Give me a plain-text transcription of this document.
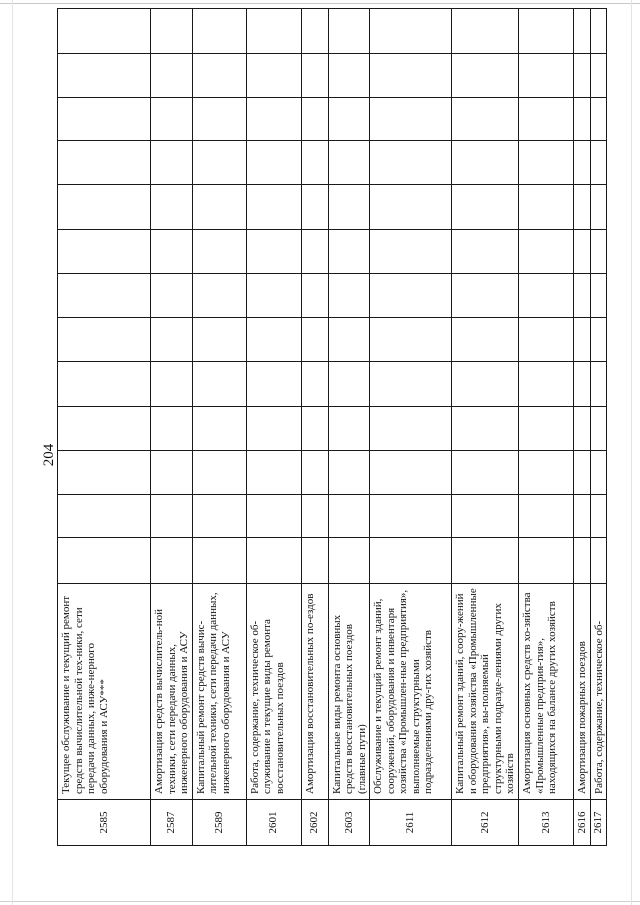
204
2585	Текущее обслуживание и текущий ремонт средств вычислительной тех-ники, сети передачи данных, инже-нерного оборудования и АСУ***													
2587	Амортизация средств вычислитель-ной техники, сети передачи данных, инженерного оборудования и АСУ													
2589	Капитальный ремонт средств вычис-лительной техники, сети передачи данных, инженерного оборудования и АСУ													
2601	Работа, содержание, техническое об-служивание и текущие виды ремонта восстановительных поездов													
2602	Амортизация восстановительных по-ездов													
2603	Капитальные виды ремонта основных средств восстановительных поездов (главные пути)													
2611	Обслуживание и текущий ремонт зданий, сооружений, оборудования и инвентаря хозяйства «Промышлен-ные предприятия», выполняемые структурными подразделениями дру-гих хозяйств													
2612	Капитальный ремонт зданий, соору-жений и оборудования хозяйства «Промышленные предприятия», вы-полняемый структурными подразде-лениями других хозяйств													
2613	Амортизация основных средств хо-зяйства «Промышленные предприя-тия», находящихся на балансе других хозяйств													
2616	Амортизация пожарных поездов													
2617	Работа, содержание, техническое об-													
